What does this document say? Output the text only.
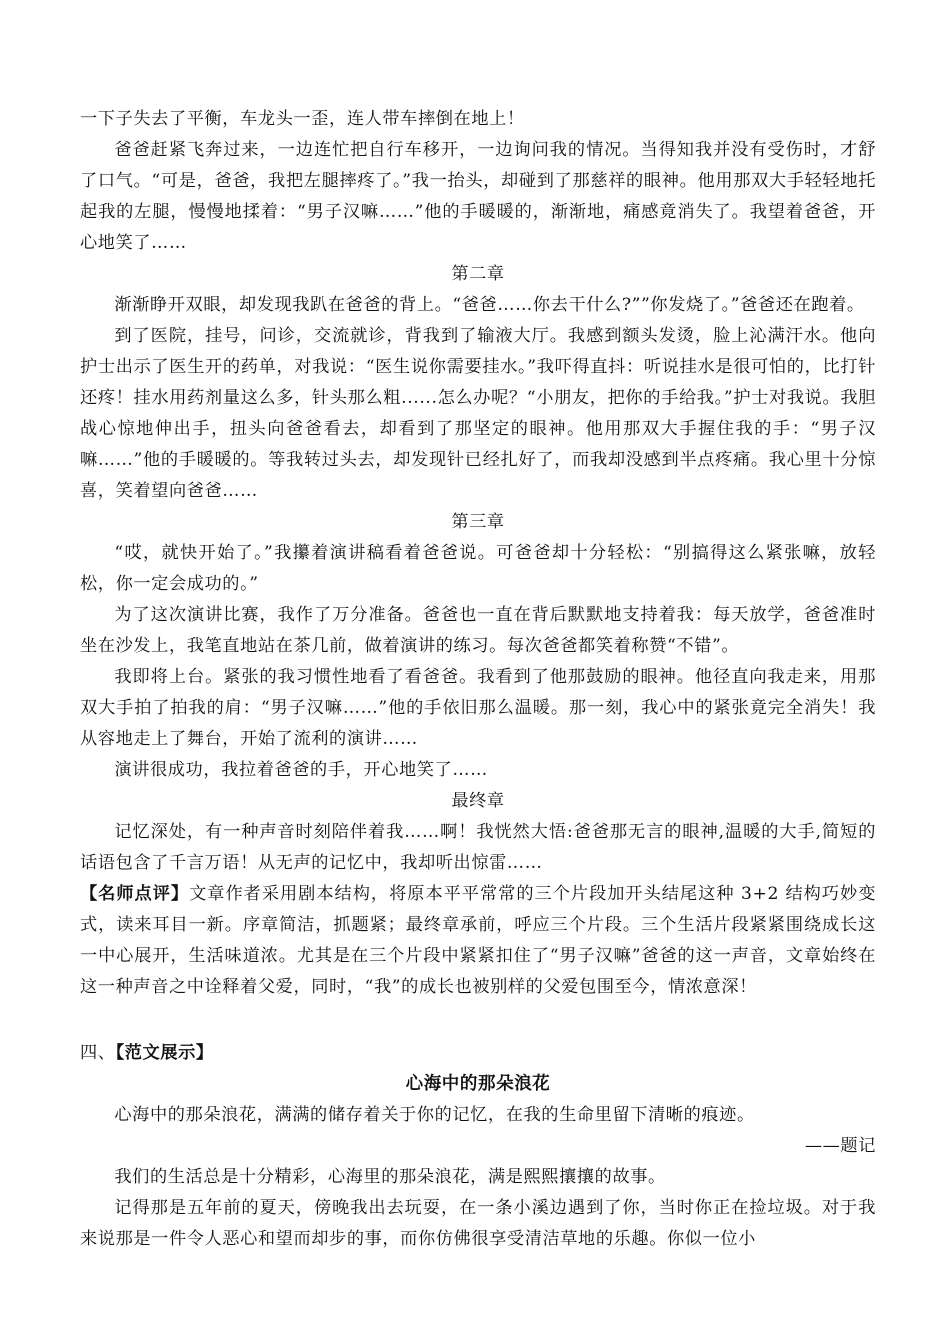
一下子失去了平衡，车龙头一歪，连人带车摔倒在地上！

爸爸赶紧飞奔过来，一边连忙把自行车移开，一边询问我的情况。当得知我并没有受伤时，才舒了口气。“可是，爸爸，我把左腿摔疼了。”我一抬头，却碰到了那慈祥的眼神。他用那双大手轻轻地托起我的左腿，慢慢地揉着：“男子汉嘛……”他的手暖暖的，渐渐地，痛感竟消失了。我望着爸爸，开心地笑了……

第二章

渐渐睁开双眼，却发现我趴在爸爸的背上。“爸爸……你去干什么?””你发烧了。”爸爸还在跑着。

到了医院，挂号，问诊，交流就诊，背我到了输液大厅。我感到额头发烫，脸上沁满汗水。他向护士出示了医生开的药单，对我说：“医生说你需要挂水。”我吓得直抖：听说挂水是很可怕的，比打针还疼！挂水用药剂量这么多，针头那么粗......怎么办呢？“小朋友，把你的手给我。”护士对我说。我胆战心惊地伸出手，扭头向爸爸看去，却看到了那坚定的眼神。他用那双大手握住我的手：“男子汉嘛……”他的手暖暖的。等我转过头去，却发现针已经扎好了，而我却没感到半点疼痛。我心里十分惊喜，笑着望向爸爸……

第三章

“哎，就快开始了。”我攥着演讲稿看着爸爸说。可爸爸却十分轻松：“别搞得这么紧张嘛，放轻松，你一定会成功的。”

为了这次演讲比赛，我作了万分准备。爸爸也一直在背后默默地支持着我：每天放学，爸爸准时坐在沙发上，我笔直地站在茶几前，做着演讲的练习。每次爸爸都笑着称赞“不错”。

我即将上台。紧张的我习惯性地看了看爸爸。我看到了他那鼓励的眼神。他径直向我走来，用那双大手拍了拍我的肩：“男子汉嘛……”他的手依旧那么温暖。那一刻，我心中的紧张竟完全消失！我从容地走上了舞台，开始了流利的演讲……

演讲很成功，我拉着爸爸的手，开心地笑了……

最终章

记忆深处，有一种声音时刻陪伴着我……啊！我恍然大悟:爸爸那无言的眼神,温暖的大手,简短的话语包含了千言万语！从无声的记忆中，我却听出惊雷……

【名师点评】文章作者采用剧本结构，将原本平平常常的三个片段加开头结尾这种 3+2 结构巧妙变式，读来耳目一新。序章简洁，抓题紧；最终章承前，呼应三个片段。三个生活片段紧紧围绕成长这一中心展开，生活味道浓。尤其是在三个片段中紧紧扣住了“男子汉嘛”爸爸的这一声音，文章始终在这一种声音之中诠释着父爱，同时，“我”的成长也被别样的父爱包围至今，情浓意深！

四、【范文展示】

心海中的那朵浪花

心海中的那朵浪花，满满的储存着关于你的记忆，在我的生命里留下清晰的痕迹。

——题记

我们的生活总是十分精彩，心海里的那朵浪花，满是熙熙攘攘的故事。

记得那是五年前的夏天，傍晚我出去玩耍，在一条小溪边遇到了你，当时你正在捡垃圾。对于我来说那是一件令人恶心和望而却步的事，而你仿佛很享受清洁草地的乐趣。你似一位小
